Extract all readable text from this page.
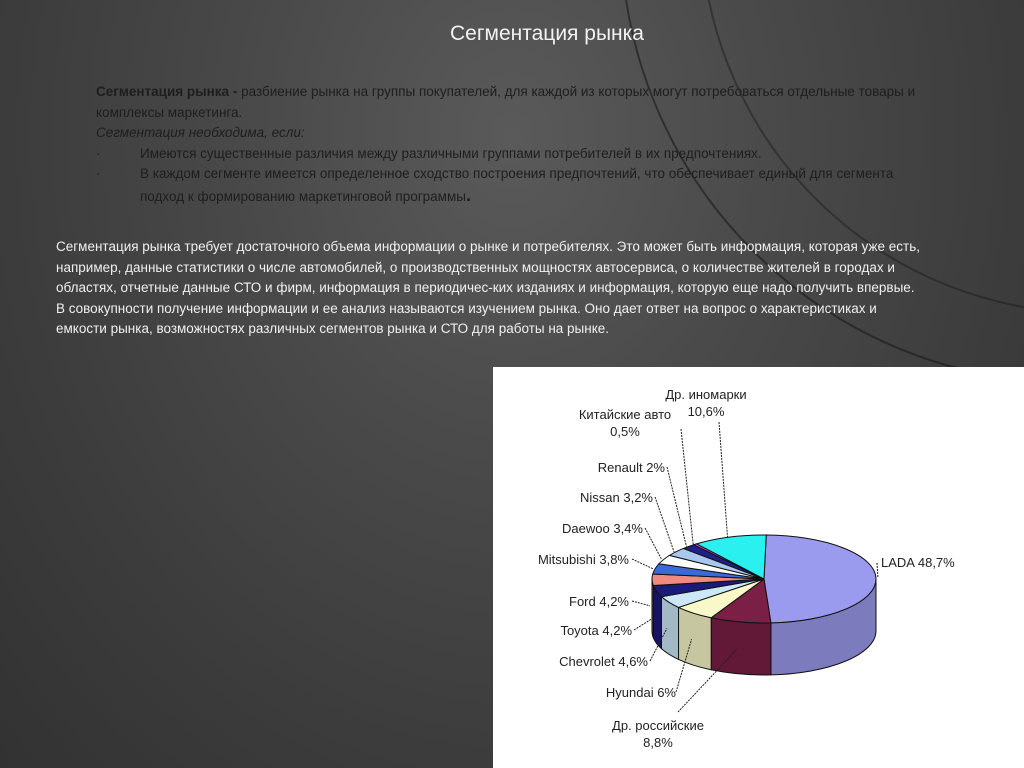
Сегментация рынка
Сегментация рынка - разбиение рынка на группы покупателей, для каждой из которых могут потребоваться отдельные товары и комплексы маркетинга.
Сегментация необходима, если:
·	Имеются существенные различия между различными группами потребителей в их предпочтениях.
·	В каждом сегменте имеется определенное сходство построения предпочтений, что обеспечивает единый для сегмента подход к формированию маркетинговой программы.
Сегментация рынка требует достаточного объема информации о рынке и потребителях. Это может быть информация, которая уже есть, например, данные статистики о числе автомобилей, о производственных мощностях автосервиса, о количестве жителей в городах и областях, отчетные данные СТО и фирм, информация в периодичес-ких изданиях и информация, которую еще надо получить впервые. В совокупности получение информации и ее анализ называются изучением рынка. Оно дает ответ на вопрос о характеристиках и емкости рынка, возможностях различных сегментов рынка и СТО для работы на рынке.
LADA 48,7%
Др. российские
8,8%
Hyundai 6%
Chevrolet 4,6%
Toyota 4,2%
Ford 4,2%
Mitsubishi 3,8%
Daewoo 3,4%
Nissan 3,2%
Renault 2%
Китайские авто
0,5%
Др. иномарки
10,6%
